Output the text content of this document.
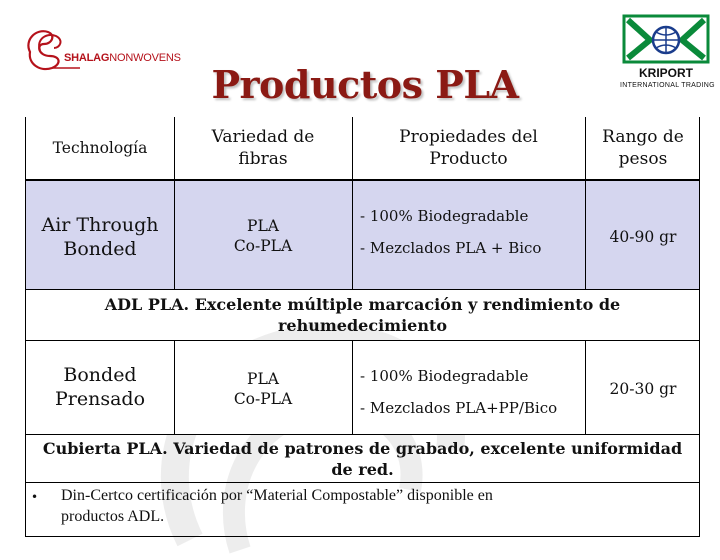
SHALAGNONWOVENS
KRIPORT
INTERNATIONAL TRADING
Productos PLA
Technología
Variedad de fibras
Propiedades del Producto
Rango de pesos
Air Through Bonded
PLA
Co-PLA
- 100% Biodegradable
- Mezclados PLA + Bico
40-90 gr
ADL PLA. Excelente múltiple marcación y rendimiento de rehumedecimiento
Bonded Prensado
PLA
Co-PLA
- 100% Biodegradable
- Mezclados PLA+PP/Bico
20-30 gr
Cubierta PLA. Variedad de patrones de grabado, excelente uniformidad de red.
• Din-Certco certificación por “Material Compostable” disponible en productos ADL.
